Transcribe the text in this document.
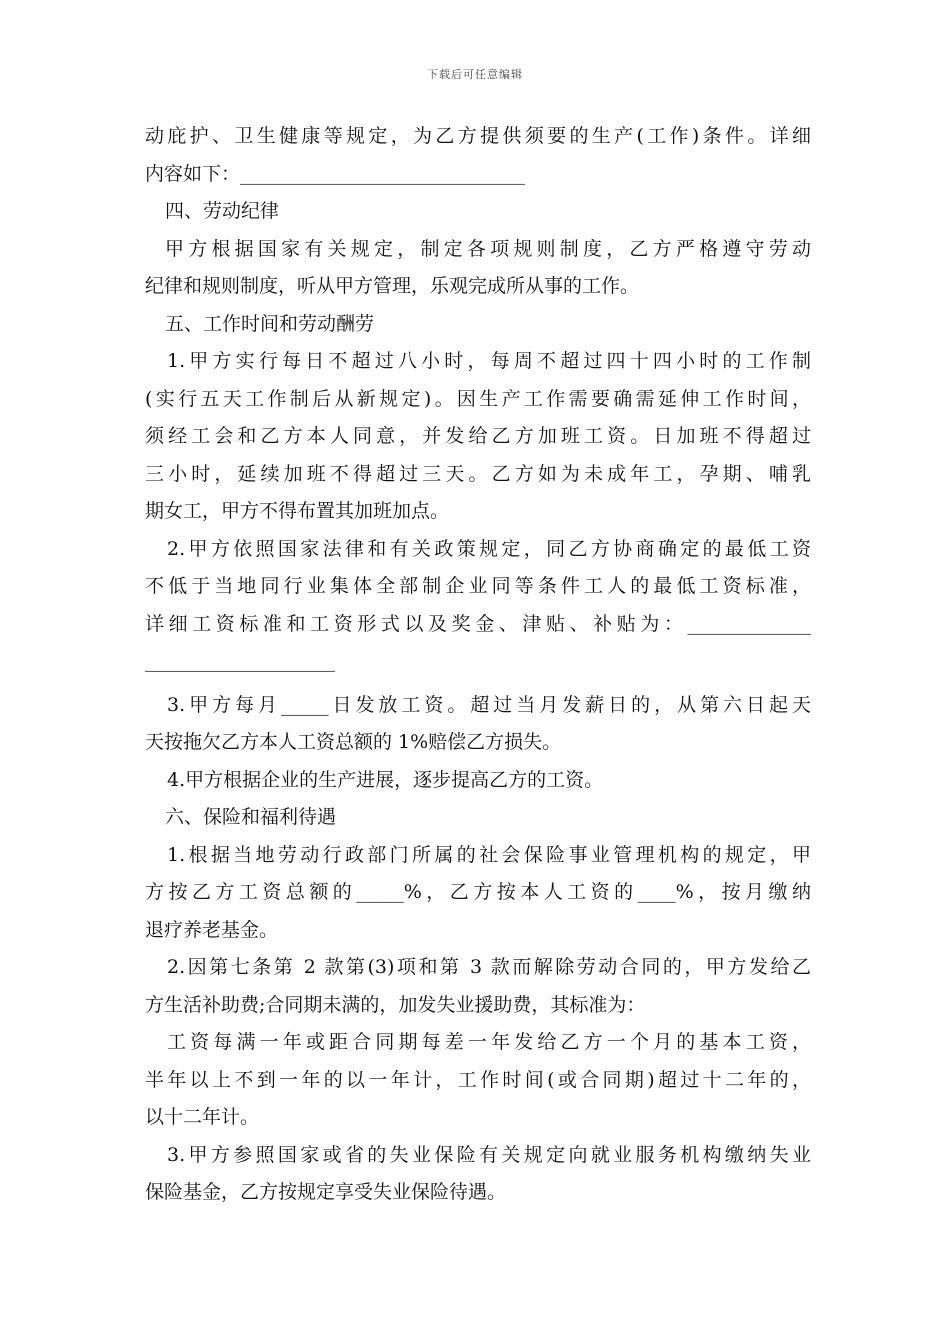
下载后可任意编辑
动庇护、卫生健康等规定，为乙方提供须要的生产(工作)条件。详细
内容如下：______________________________
四、劳动纪律
甲方根据国家有关规定，制定各项规则制度，乙方严格遵守劳动
纪律和规则制度，听从甲方管理，乐观完成所从事的工作。
五、工作时间和劳动酬劳
1.甲方实行每日不超过八小时，每周不超过四十四小时的工作制
(实行五天工作制后从新规定)。因生产工作需要确需延伸工作时间，
须经工会和乙方本人同意，并发给乙方加班工资。日加班不得超过
三小时，延续加班不得超过三天。乙方如为未成年工，孕期、哺乳
期女工，甲方不得布置其加班加点。
2.甲方依照国家法律和有关政策规定，同乙方协商确定的最低工资
不低于当地同行业集体全部制企业同等条件工人的最低工资标准，
详细工资标准和工资形式以及奖金、津贴、补贴为：_____________
____________________
3.甲方每月_____日发放工资。超过当月发薪日的，从第六日起天
天按拖欠乙方本人工资总额的 1%赔偿乙方损失。
4.甲方根据企业的生产进展，逐步提高乙方的工资。
六、保险和福利待遇
1.根据当地劳动行政部门所属的社会保险事业管理机构的规定，甲
方按乙方工资总额的_____%，乙方按本人工资的____%，按月缴纳
退疗养老基金。
2.因第七条第 2 款第(3)项和第 3 款而解除劳动合同的，甲方发给乙
方生活补助费;合同期未满的，加发失业援助费，其标准为：
工资每满一年或距合同期每差一年发给乙方一个月的基本工资，
半年以上不到一年的以一年计，工作时间(或合同期)超过十二年的，
以十二年计。
3.甲方参照国家或省的失业保险有关规定向就业服务机构缴纳失业
保险基金，乙方按规定享受失业保险待遇。
